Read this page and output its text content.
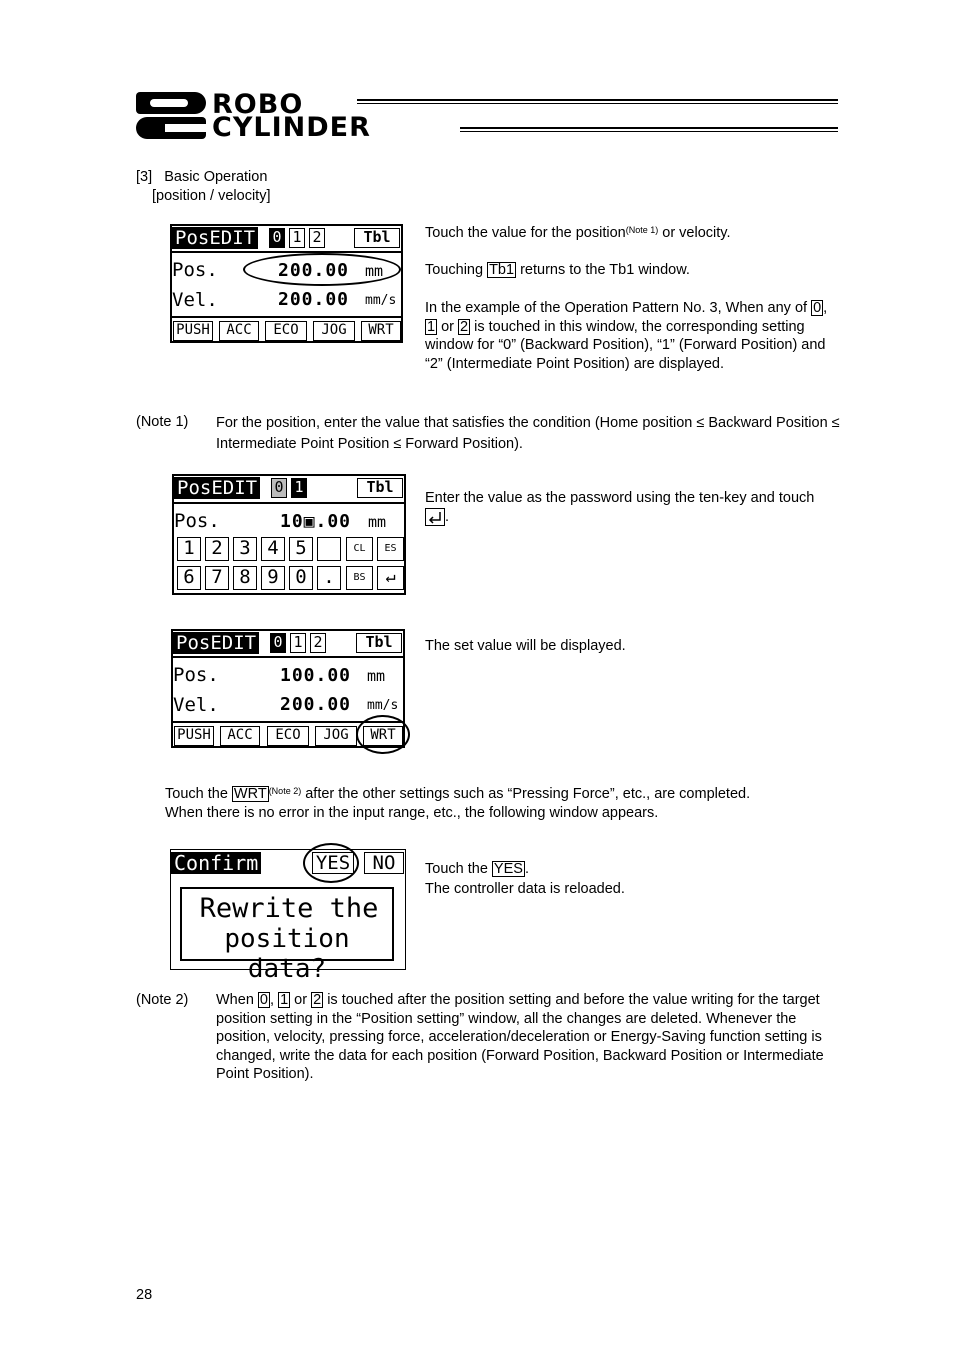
ROBO
CYLINDER
[3] Basic Operation
[position / velocity]
PosEDIT 0 1 2	Tbl
Pos.	200.00 mm
Vel.	200.00 mm/s
PUSH	ACC	ECO	JOG	WRT
Touch the value for the position$^{(Note 1)}$ or velocity.
Touching Tb1 returns to the Tb1 window.
In the example of the Operation Pattern No. 3, When any of 0 , 1 or 2 is touched in this window, the corresponding setting window for “0” (Backward Position), “1” (Forward Position) and “2” (Intermediate Point Position) are displayed.
(Note 1) For the position, enter the value that satisfies the condition (Home position ≤ Backward Position ≤ Intermediate Point Position ≤ Forward Position).
PosEDIT 0 1	Tbl
Pos.	10▣.00 mm
1 2 3 4 5	CL	ES
6 7 8 9 0 .	BS	↵
Enter the value as the password using the ten-key and touch
.
PosEDIT 0 1 2	Tbl
Pos.	100.00 mm
Vel.	200.00 mm/s
PUSH	ACC	ECO	JOG	WRT
The set value will be displayed.
Touch the WRT $^{(Note 2)}$ after the other settings such as “Pressing Force”, etc., are completed.
When there is no error in the input range, etc., the following window appears.
Confirm	YES	NO
Rewrite the
position data?
Touch the YES .
The controller data is reloaded.
(Note 2) When 0 , 1 or 2 is touched after the position setting and before the value writing for the target position setting in the “Position setting” window, all the changes are deleted. Whenever the position, velocity, pressing force, acceleration/deceleration or Energy-Saving function setting is changed, write the data for each position (Forward Position, Backward Position or Intermediate Point Position).
28
